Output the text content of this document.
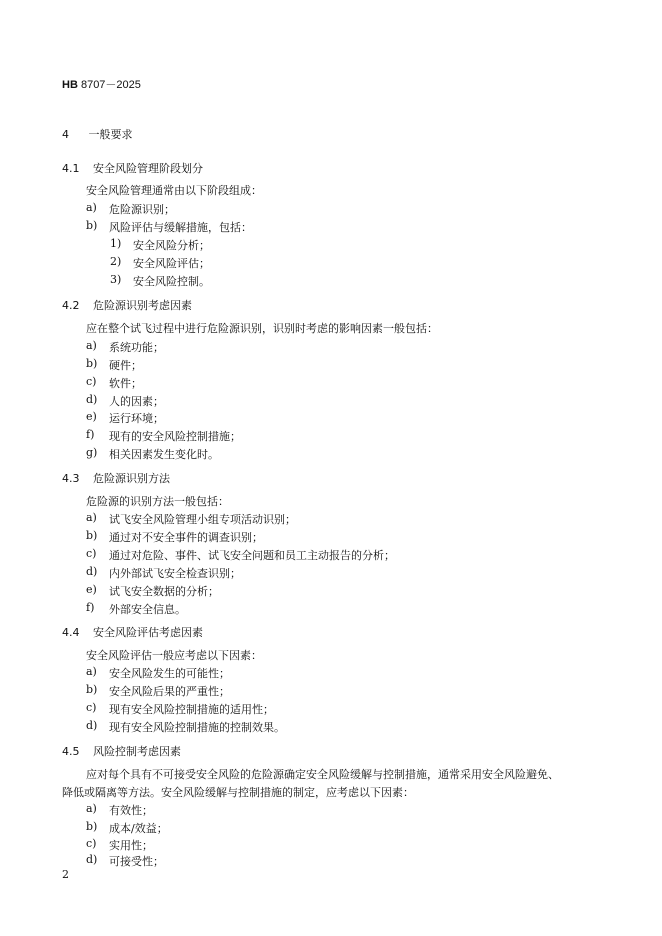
HB 8707－2025
4 一般要求
4.1 安全风险管理阶段划分
安全风险管理通常由以下阶段组成：
a) 危险源识别；
b) 风险评估与缓解措施，包括：
1) 安全风险分析；
2) 安全风险评估；
3) 安全风险控制。
4.2 危险源识别考虑因素
应在整个试飞过程中进行危险源识别，识别时考虑的影响因素一般包括：
a) 系统功能；
b) 硬件；
c) 软件；
d) 人的因素；
e) 运行环境；
f) 现有的安全风险控制措施；
g) 相关因素发生变化时。
4.3 危险源识别方法
危险源的识别方法一般包括：
a) 试飞安全风险管理小组专项活动识别；
b) 通过对不安全事件的调查识别；
c) 通过对危险、事件、试飞安全问题和员工主动报告的分析；
d) 内外部试飞安全检查识别；
e) 试飞安全数据的分析；
f) 外部安全信息。
4.4 安全风险评估考虑因素
安全风险评估一般应考虑以下因素：
a) 安全风险发生的可能性；
b) 安全风险后果的严重性；
c) 现有安全风险控制措施的适用性；
d) 现有安全风险控制措施的控制效果。
4.5 风险控制考虑因素
应对每个具有不可接受安全风险的危险源确定安全风险缓解与控制措施，通常采用安全风险避免、
降低或隔离等方法。安全风险缓解与控制措施的制定，应考虑以下因素：
a) 有效性；
b) 成本/效益；
c) 实用性；
d) 可接受性；
2
